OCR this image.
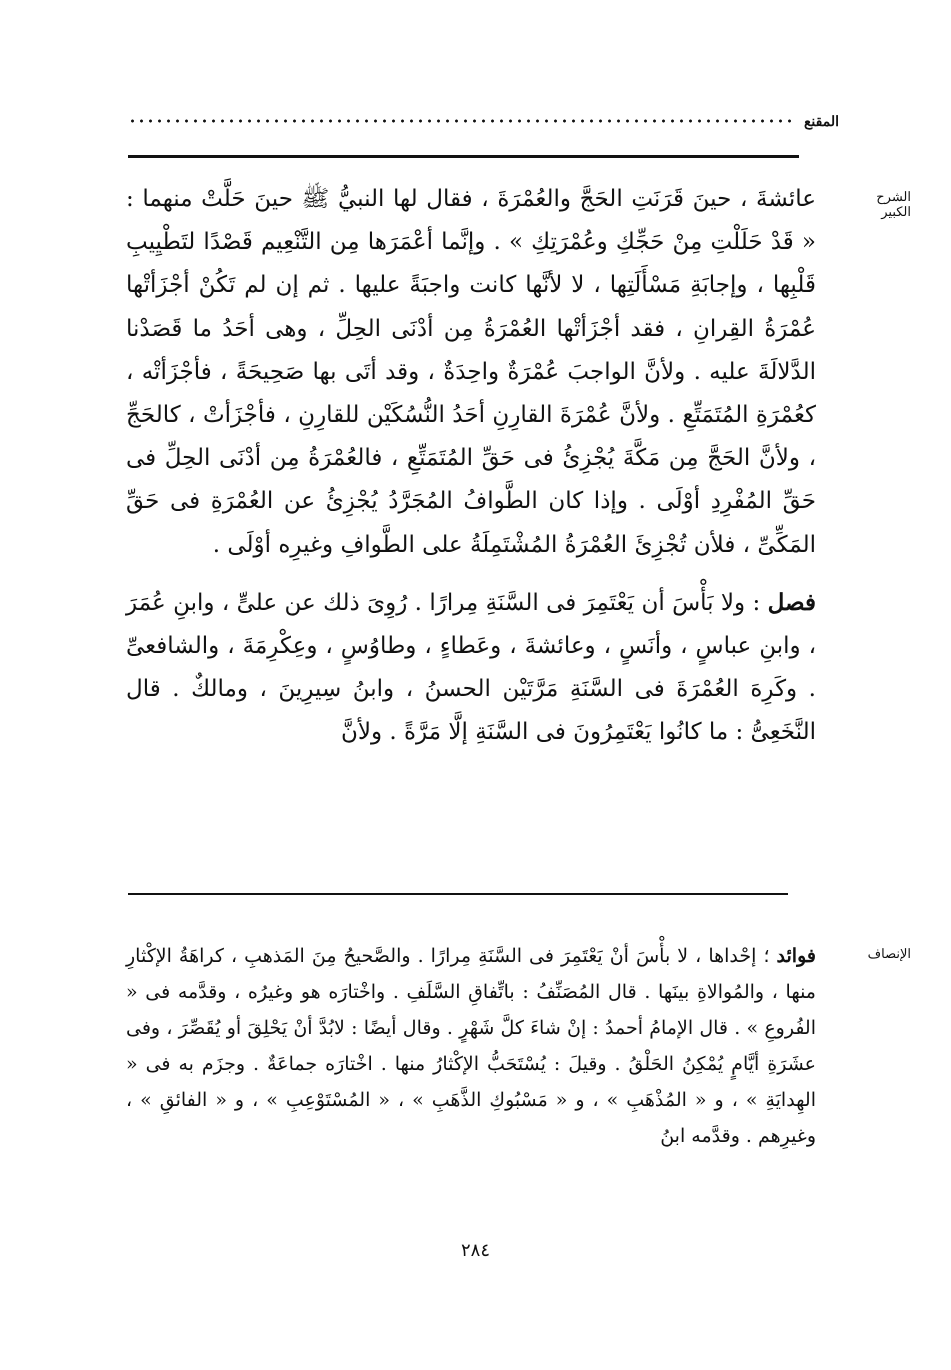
المقنع
الشرح الكبير

عائشةَ ، حينَ قَرَنَتِ الحَجَّ والعُمْرَةَ ، فقال لها النبيُّ ﷺ حينَ حَلَّتْ منهما : « قَدْ حَلَلْتِ مِنْ حَجِّكِ وعُمْرَتِكِ » . وإنَّما أعْمَرَها مِن التَّنْعِيم قَصْدًا لتَطْيِيبِ قَلْبِها ، وإجابَةِ مَسْأَلَتِها ، لا لأنَّها كانت واجبَةً عليها . ثم إن لم تَكُنْ أجْزَأتْها عُمْرَةُ القِرانِ ، فقد أجْزَأتْها العُمْرَةُ مِن أدْنَى الحِلِّ ، وهى أحَدُ ما قَصَدْنا الدَّلالَةَ عليه . ولأنَّ الواجبَ عُمْرَةٌ واحِدَةٌ ، وقد أتَى بها صَحِيحَةً ، فأجْزَأتْه ، كعُمْرَةِ المُتَمَتِّعِ . ولأنَّ عُمْرَةَ القارِنِ أحَدُ النُّسُكَيْن للقارِنِ ، فأجْزَأتْ ، كالحَجِّ ، ولأنَّ الحَجَّ مِن مَكَّةَ يُجْزِئُ فى حَقِّ المُتَمَتِّعِ ، فالعُمْرَةُ مِن أدْنَى الحِلِّ فى حَقِّ المُفْرِدِ أوْلَى . وإذا كان الطَّوافُ المُجَرَّدُ يُجْزِئُ عن العُمْرَةِ فى حَقِّ المَكِّىِّ ، فلأن تُجْزِئَ العُمْرَةُ المُشْتَمِلَةُ على الطَّوافِ وغيرِه أوْلَى .

فصل : ولا بَأْسَ أن يَعْتَمِرَ فى السَّنَةِ مِرارًا . رُوِىَ ذلك عن علىٍّ ، وابنِ عُمَرَ ، وابنِ عباسٍ ، وأنَسٍ ، وعائشةَ ، وعَطاءٍ ، وطاوُسٍ ، وعِكْرِمَةَ ، والشافعىِّ . وكَرِهَ العُمْرَةَ فى السَّنَةِ مَرَّتَيْن الحسنُ ، وابنُ سِيرِينَ ، ومالكٌ . قال النَّخَعِىُّ : ما كانُوا يَعْتَمِرُونَ فى السَّنَةِ إلَّا مَرَّةً . ولأنَّ

الإنصاف

فوائد ؛ إحْداها ، لا بأْسَ أنْ يَعْتَمِرَ فى السَّنَةِ مِرارًا . والصَّحيحُ مِنَ المَذهبِ ، كراهَةُ الإكْثارِ منها ، والمُوالاةِ بينَها . قال المُصَنِّفُ : باتِّفاقِ السَّلَفِ . واخْتارَه هو وغيرُه ، وقدَّمه فى « الفُروعِ » . قال الإمامُ أحمدُ : إنْ شاءَ كلَّ شَهْرٍ . وقال أيضًا : لابُدَّ أنْ يَحْلِقَ أو يُقَصِّرَ ، وفى عشَرَةِ أيَّامٍ يُمْكِنُ الحَلْقُ . وقيلَ : يُسْتَحَبُّ الإكْثارُ منها . اخْتارَه جماعَةٌ . وجزَم به فى « الهِدايَةِ » ، و « المُذْهَبِ » ، و « مَسْبُوكِ الذَّهَبِ » ، « المُسْتَوْعِبِ » ، و « الفائقِ » ، وغيرِهم . وقدَّمه ابنُ

٢٨٤
